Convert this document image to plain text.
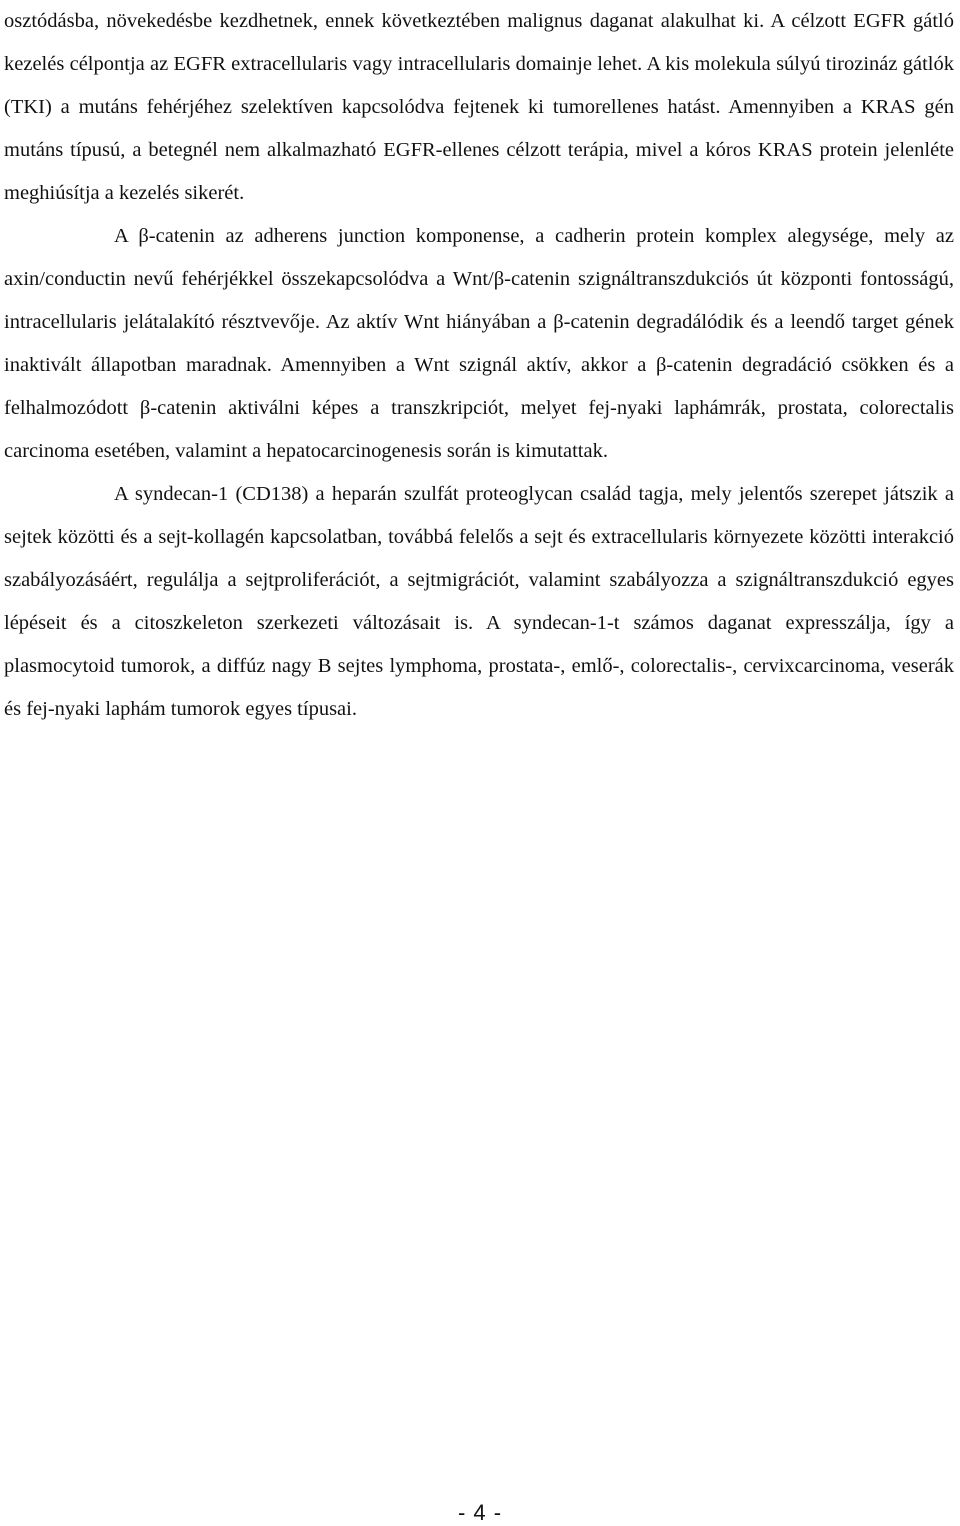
osztódásba, növekedésbe kezdhetnek, ennek következtében malignus daganat alakulhat ki. A célzott EGFR gátló kezelés célpontja az EGFR extracellularis vagy intracellularis domainje lehet. A kis molekula súlyú tirozináz gátlók (TKI) a mutáns fehérjéhez szelektíven kapcsolódva fejtenek ki tumorellenes hatást. Amennyiben a KRAS gén mutáns típusú, a betegnél nem alkalmazható EGFR-ellenes célzott terápia, mivel a kóros KRAS protein jelenléte meghiúsítja a kezelés sikerét.

A β-catenin az adherens junction komponense, a cadherin protein komplex alegysége, mely az axin/conductin nevű fehérjékkel összekapcsolódva a Wnt/β-catenin szignáltranszdukciós út központi fontosságú, intracellularis jelátalakító résztvevője. Az aktív Wnt hiányában a β-catenin degradálódik és a leendő target gének inaktivált állapotban maradnak. Amennyiben a Wnt szignál aktív, akkor a β-catenin degradáció csökken és a felhalmozódott β-catenin aktiválni képes a transzkripciót, melyet fej-nyaki laphámrák, prostata, colorectalis carcinoma esetében, valamint a hepatocarcinogenesis során is kimutattak.

A syndecan-1 (CD138) a heparán szulfát proteoglycan család tagja, mely jelentős szerepet játszik a sejtek közötti és a sejt-kollagén kapcsolatban, továbbá felelős a sejt és extracellularis környezete közötti interakció szabályozásáért, regulálja a sejtproliferációt, a sejtmigrációt, valamint szabályozza a szignáltranszdukció egyes lépéseit és a citoszkeleton szerkezeti változásait is. A syndecan-1-t számos daganat expresszálja, így a plasmocytoid tumorok, a diffúz nagy B sejtes lymphoma, prostata-, emlő-, colorectalis-, cervixcarcinoma, veserák és fej-nyaki laphám tumorok egyes típusai.

- 4 -
